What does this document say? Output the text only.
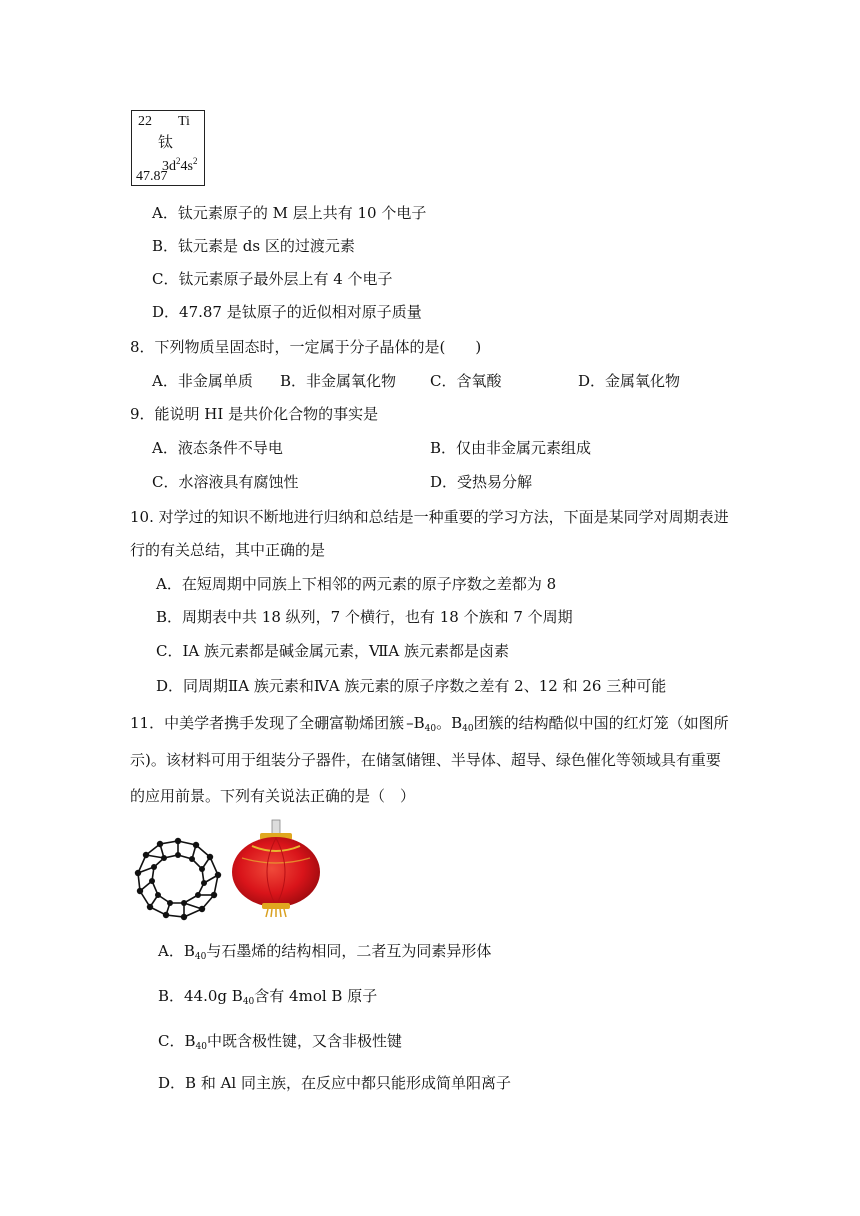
22 Ti
钛
$3d^24s^2$
47.87
A．钛元素原子的 M 层上共有 10 个电子
B．钛元素是 ds 区的过渡元素
C．钛元素原子最外层上有 4 个电子
D．47.87 是钛原子的近似相对原子质量
8．下列物质呈固态时，一定属于分子晶体的是(　　)
A．非金属单质 B．非金属氧化物 C．含氧酸	D．金属氧化物
9．能说明 HI 是共价化合物的事实是
A．液态条件不导电	B．仅由非金属元素组成
C．水溶液具有腐蚀性	D．受热易分解
10. 对学过的知识不断地进行归纳和总结是一种重要的学习方法，下面是某同学对周期表进
行的有关总结，其中正确的是
A．在短周期中同族上下相邻的两元素的原子序数之差都为 8
B．周期表中共 18 纵列，7 个横行，也有 18 个族和 7 个周期
C．ⅠA 族元素都是碱金属元素，ⅦA 族元素都是卤素
D．同周期ⅡA 族元素和ⅣA 族元素的原子序数之差有 2、12 和 26 三种可能
11．中美学者携手发现了全硼富勒烯团簇 $-B_{40}$。$B_{40}$团簇的结构酷似中国的红灯笼（如图所
示)。该材料可用于组装分子器件，在储氢储锂、半导体、超导、绿色催化等领域具有重要
的应用前景。下列有关说法正确的是（　）
A．$B_{40}$与石墨烯的结构相同，二者互为同素异形体
B．44.0g $B_{40}$含有 4mol B 原子
C．$B_{40}$中既含极性键，又含非极性键
D．B 和 Al 同主族，在反应中都只能形成简单阳离子
